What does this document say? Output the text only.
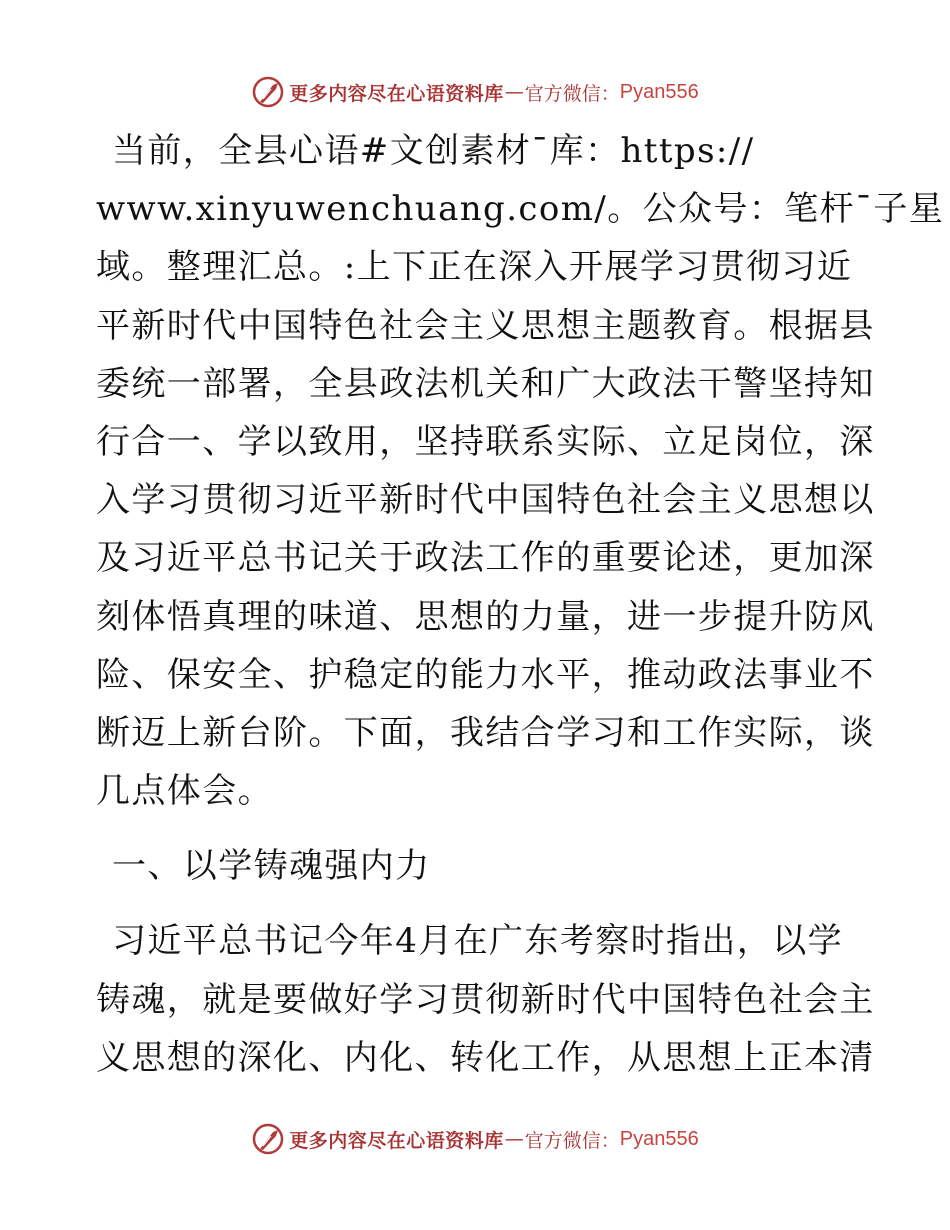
更多内容尽在心语资料库 — 官方微信： Pyan556
当前，全县心语#文创素材¯库：https://
www.xinyuwenchuang.com/。公众号：笔杆¯子星
域。整理汇总。:上下正在深入开展学习贯彻习近
平新时代中国特色社会主义思想主题教育。根据县
委统一部署，全县政法机关和广大政法干警坚持知
行合一、学以致用，坚持联系实际、立足岗位，深
入学习贯彻习近平新时代中国特色社会主义思想以
及习近平总书记关于政法工作的重要论述，更加深
刻体悟真理的味道、思想的力量，进一步提升防风
险、保安全、护稳定的能力水平，推动政法事业不
断迈上新台阶。下面，我结合学习和工作实际，谈
几点体会。
一、以学铸魂强内力
习近平总书记今年4月在广东考察时指出，以学
铸魂，就是要做好学习贯彻新时代中国特色社会主
义思想的深化、内化、转化工作，从思想上正本清
更多内容尽在心语资料库 — 官方微信： Pyan556
